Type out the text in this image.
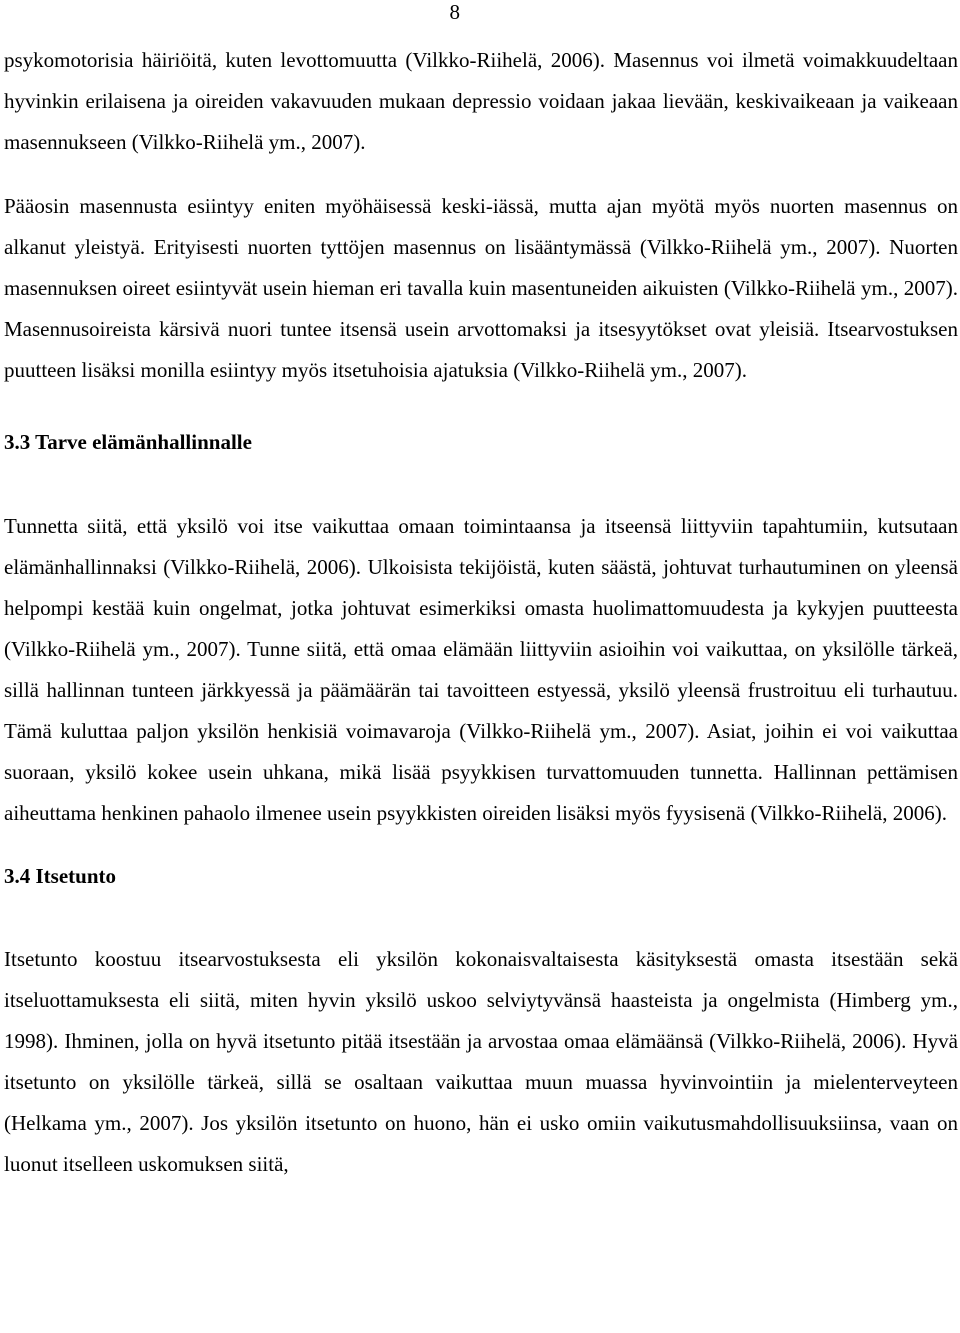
8

psykomotorisia häiriöitä, kuten levottomuutta (Vilkko-Riihelä, 2006). Masennus voi ilmetä voimakkuudeltaan hyvinkin erilaisena ja oireiden vakavuuden mukaan depressio voidaan jakaa lievään, keskivaikeaan ja vaikeaan masennukseen (Vilkko-Riihelä ym., 2007).

Pääosin masennusta esiintyy eniten myöhäisessä keski-iässä, mutta ajan myötä myös nuorten masennus on alkanut yleistyä. Erityisesti nuorten tyttöjen masennus on lisääntymässä (Vilkko-Riihelä ym., 2007). Nuorten masennuksen oireet esiintyvät usein hieman eri tavalla kuin masentuneiden aikuisten (Vilkko-Riihelä ym., 2007). Masennusoireista kärsivä nuori tuntee itsensä usein arvottomaksi ja itsesyytökset ovat yleisiä. Itsearvostuksen puutteen lisäksi monilla esiintyy myös itsetuhoisia ajatuksia (Vilkko-Riihelä ym., 2007).

3.3 Tarve elämänhallinnalle

Tunnetta siitä, että yksilö voi itse vaikuttaa omaan toimintaansa ja itseensä liittyviin tapahtumiin, kutsutaan elämänhallinnaksi (Vilkko-Riihelä, 2006). Ulkoisista tekijöistä, kuten säästä, johtuvat turhautuminen on yleensä helpompi kestää kuin ongelmat, jotka johtuvat esimerkiksi omasta huolimattomuudesta ja kykyjen puutteesta (Vilkko-Riihelä ym., 2007). Tunne siitä, että omaa elämään liittyviin asioihin voi vaikuttaa, on yksilölle tärkeä, sillä hallinnan tunteen järkkyessä ja päämäärän tai tavoitteen estyessä, yksilö yleensä frustroituu eli turhautuu. Tämä kuluttaa paljon yksilön henkisiä voimavaroja (Vilkko-Riihelä ym., 2007). Asiat, joihin ei voi vaikuttaa suoraan, yksilö kokee usein uhkana, mikä lisää psyykkisen turvattomuuden tunnetta. Hallinnan pettämisen aiheuttama henkinen pahaolo ilmenee usein psyykkisten oireiden lisäksi myös fyysisenä (Vilkko-Riihelä, 2006).

3.4 Itsetunto

Itsetunto koostuu itsearvostuksesta eli yksilön kokonaisvaltaisesta käsityksestä omasta itsestään sekä itseluottamuksesta eli siitä, miten hyvin yksilö uskoo selviytyvänsä haasteista ja ongelmista (Himberg ym., 1998). Ihminen, jolla on hyvä itsetunto pitää itsestään ja arvostaa omaa elämäänsä (Vilkko-Riihelä, 2006). Hyvä itsetunto on yksilölle tärkeä, sillä se osaltaan vaikuttaa muun muassa hyvinvointiin ja mielenterveyteen (Helkama ym., 2007). Jos yksilön itsetunto on huono, hän ei usko omiin vaikutusmahdollisuuksiinsa, vaan on luonut itselleen uskomuksen siitä,
